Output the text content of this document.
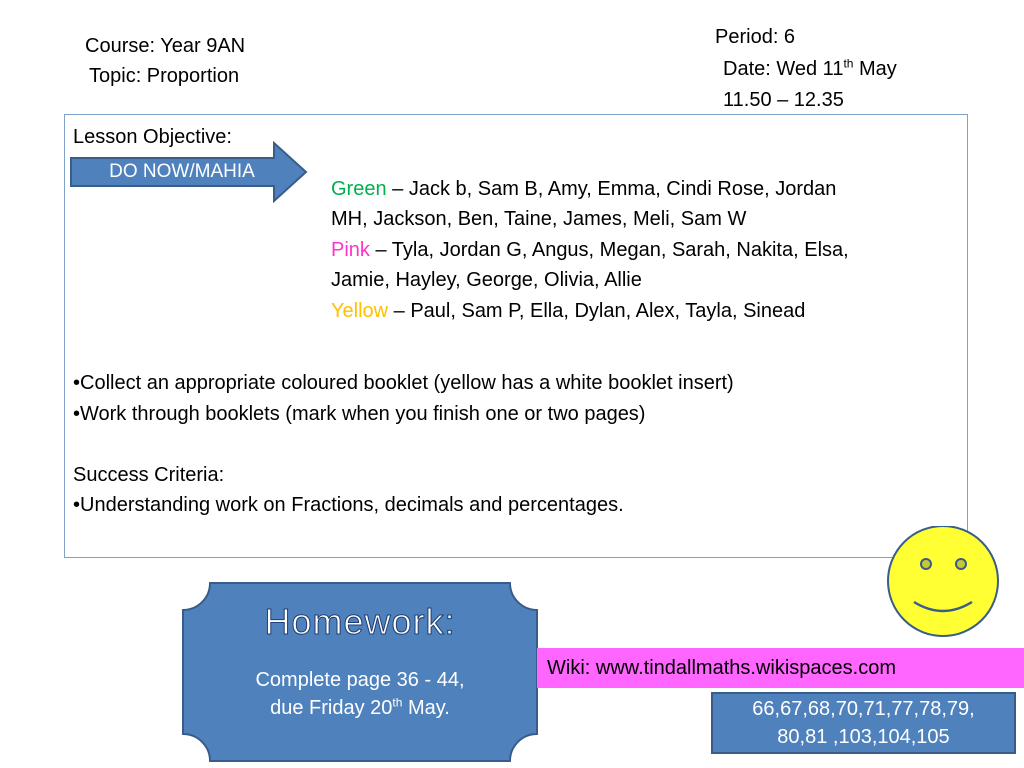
Course: Year 9AN
Topic: Proportion
Period: 6
Date: Wed 11th May
11.50 – 12.35
Lesson Objective:
DO NOW/MAHIA
Green – Jack b, Sam B, Amy, Emma, Cindi Rose, Jordan
MH, Jackson, Ben, Taine, James, Meli, Sam W
Pink – Tyla, Jordan G, Angus, Megan, Sarah, Nakita, Elsa,
Jamie, Hayley, George, Olivia, Allie
Yellow – Paul, Sam P, Ella, Dylan, Alex, Tayla, Sinead
•Collect an appropriate coloured booklet (yellow has a white booklet insert)
•Work through booklets (mark when you finish one or two pages)
Success Criteria:
•Understanding work on Fractions, decimals and percentages.
Homework:
Complete page 36 - 44,
due Friday 20th May.
Wiki: www.tindallmaths.wikispaces.com
66,67,68,70,71,77,78,79,
80,81 ,103,104,105
